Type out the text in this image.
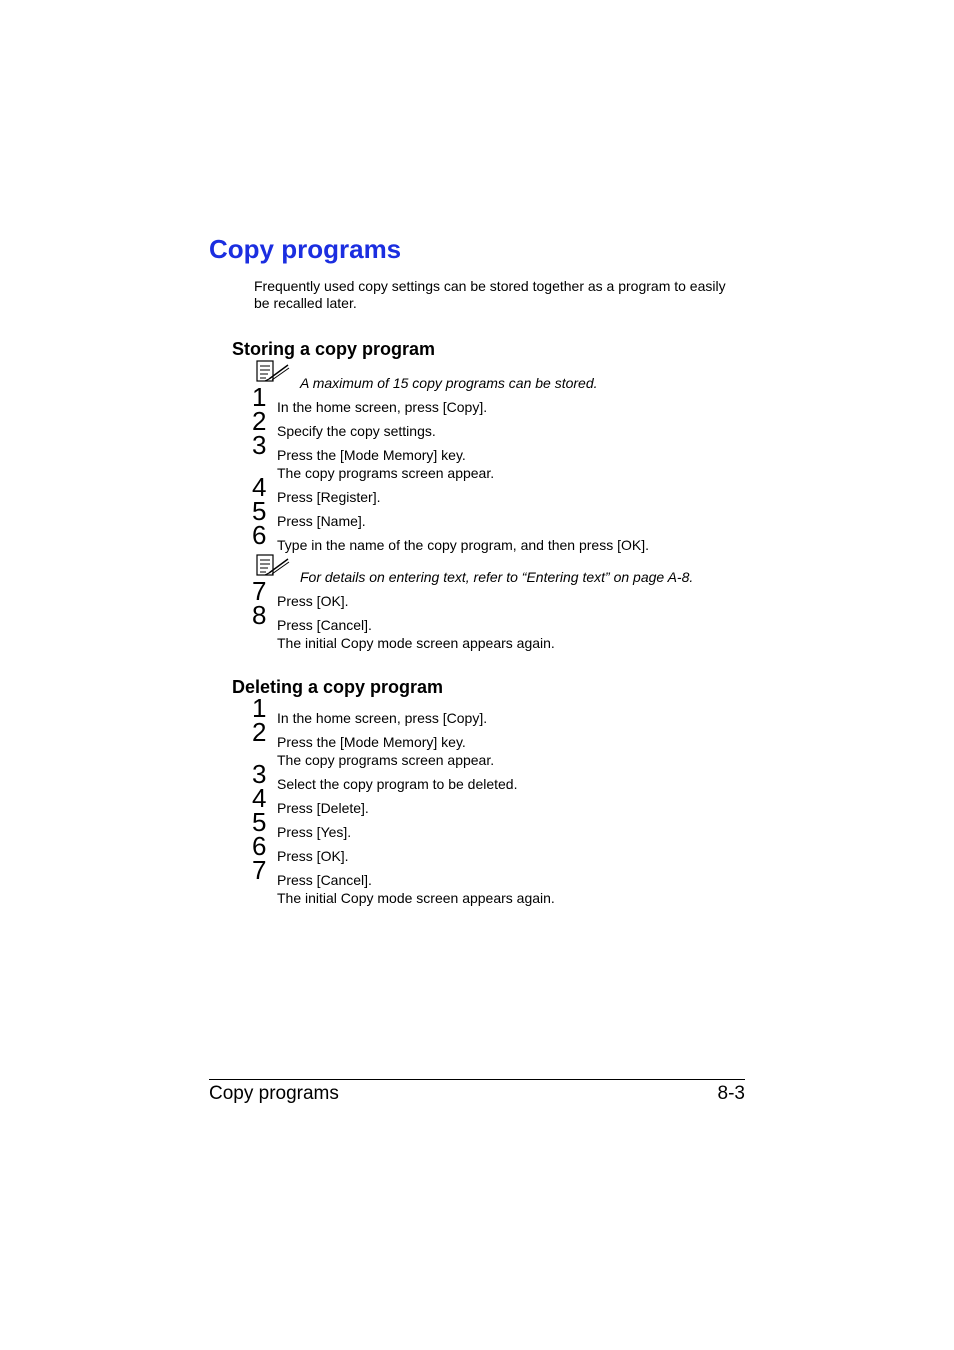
Copy programs
Frequently used copy settings can be stored together as a program to easily
be recalled later.
Storing a copy program
A maximum of 15 copy programs can be stored.
1 In the home screen, press [Copy].
2 Specify the copy settings.
3 Press the [Mode Memory] key.
The copy programs screen appear.
4 Press [Register].
5 Press [Name].
6 Type in the name of the copy program, and then press [OK].
For details on entering text, refer to “Entering text” on page A-8.
7 Press [OK].
8 Press [Cancel].
The initial Copy mode screen appears again.
Deleting a copy program
1 In the home screen, press [Copy].
2 Press the [Mode Memory] key.
The copy programs screen appear.
3 Select the copy program to be deleted.
4 Press [Delete].
5 Press [Yes].
6 Press [OK].
7 Press [Cancel].
The initial Copy mode screen appears again.
Copy programs	8-3
